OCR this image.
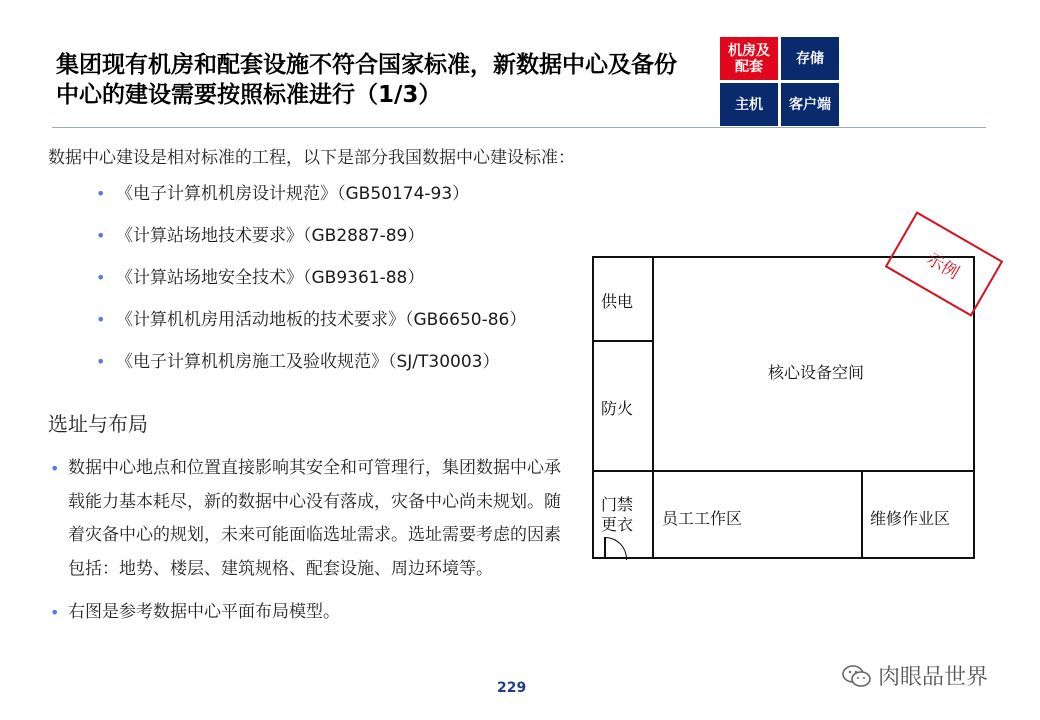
集团现有机房和配套设施不符合国家标准，新数据中心及备份
中心的建设需要按照标准进行（1/3）
机房及
配套	存储
主机 客户端
数据中心建设是相对标准的工程，以下是部分我国数据中心建设标准：
• 《电子计算机机房设计规范》（GB50174-93）
• 《计算站场地技术要求》（GB2887-89）
• 《计算站场地安全技术》（GB9361-88）
• 《计算机机房用活动地板的技术要求》（GB6650-86）
• 《电子计算机机房施工及验收规范》（SJ/T30003）
选址与布局
• 数据中心地点和位置直接影响其安全和可管理行，集团数据中心承载能力基本耗尽，新的数据中心没有落成，灾备中心尚未规划。随着灾备中心的规划，未来可能面临选址需求。选址需要考虑的因素包括：地势、楼层、建筑规格、配套设施、周边环境等。
• 右图是参考数据中心平面布局模型。
供电
防火
核心设备空间
门禁
更衣 员工工作区	维修作业区
示例
229	肉眼品世界
